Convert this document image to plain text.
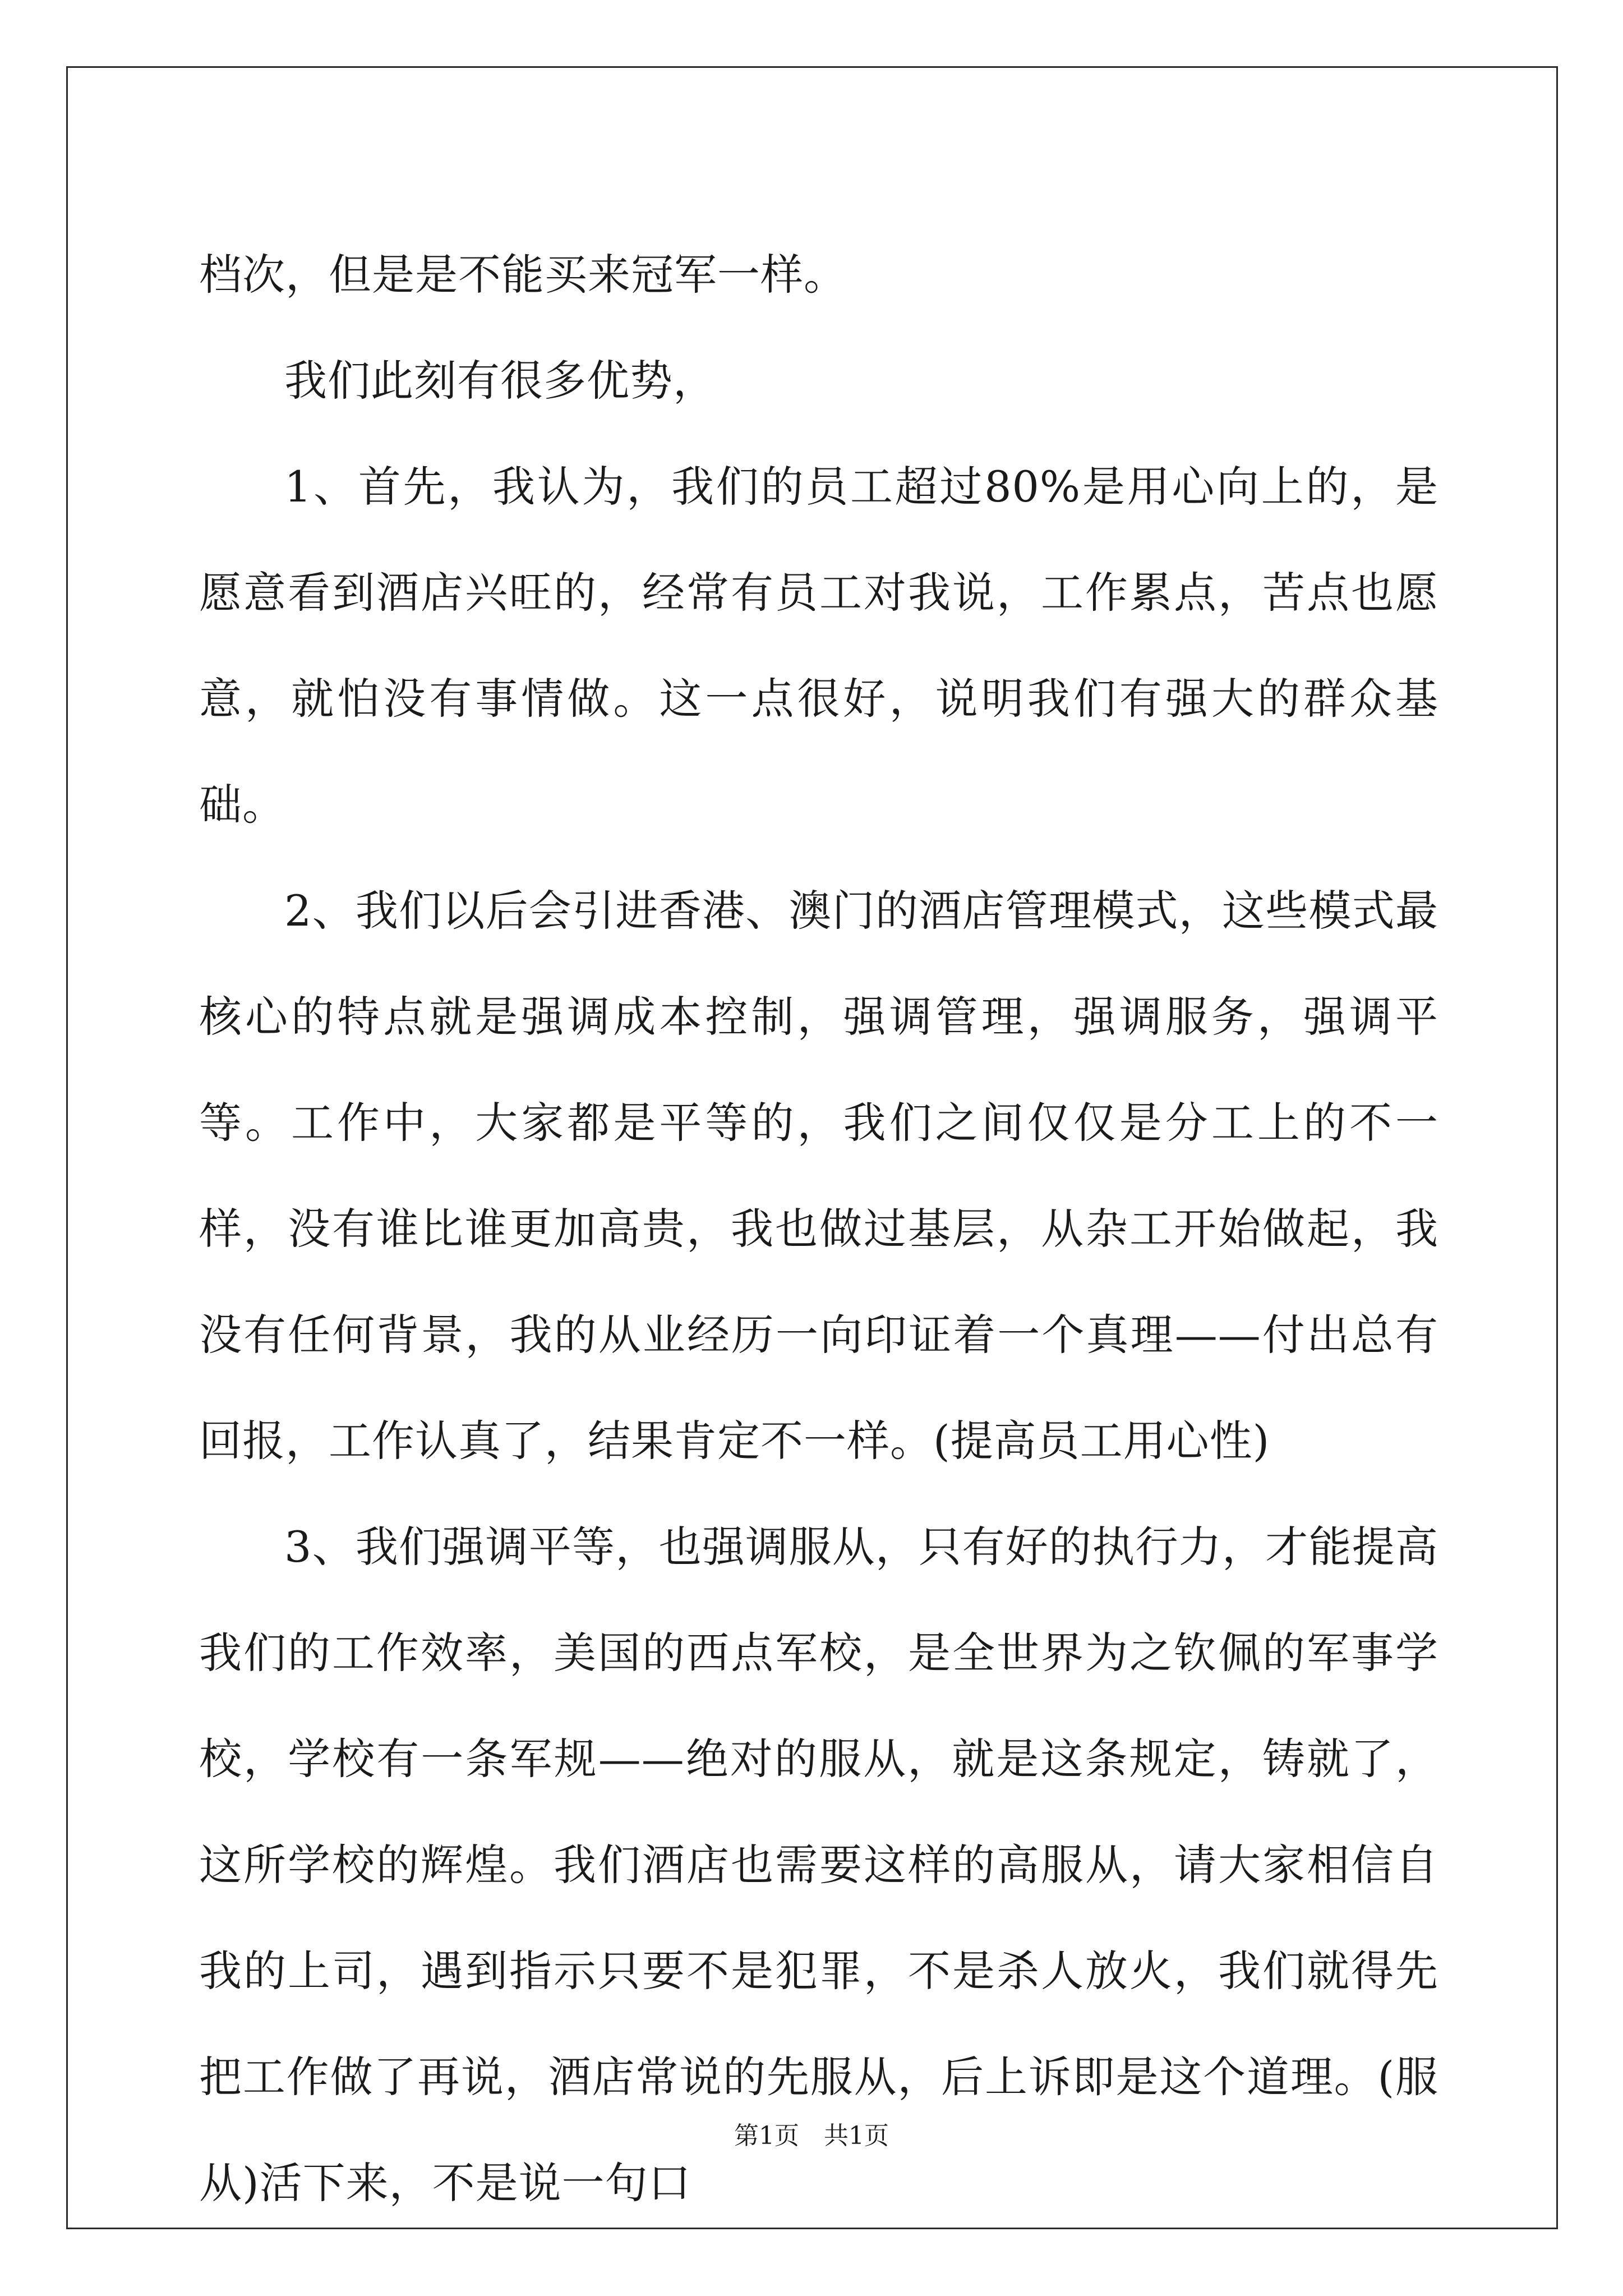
档次，但是是不能买来冠军一样。

我们此刻有很多优势，

1、首先，我认为，我们的员工超过80%是用心向上的，是愿意看到酒店兴旺的，经常有员工对我说，工作累点，苦点也愿意，就怕没有事情做。这一点很好，说明我们有强大的群众基础。

2、我们以后会引进香港、澳门的酒店管理模式，这些模式最核心的特点就是强调成本控制，强调管理，强调服务，强调平等。工作中，大家都是平等的，我们之间仅仅是分工上的不一样，没有谁比谁更加高贵，我也做过基层，从杂工开始做起，我没有任何背景，我的从业经历一向印证着一个真理——付出总有回报，工作认真了，结果肯定不一样。(提高员工用心性)

3、我们强调平等，也强调服从，只有好的执行力，才能提高我们的工作效率，美国的西点军校，是全世界为之钦佩的军事学校，学校有一条军规——绝对的服从，就是这条规定，铸就了，这所学校的辉煌。我们酒店也需要这样的高服从，请大家相信自我的上司，遇到指示只要不是犯罪，不是杀人放火，我们就得先把工作做了再说，酒店常说的先服从，后上诉即是这个道理。(服从)活下来，不是说一句口

第1页 共1页
